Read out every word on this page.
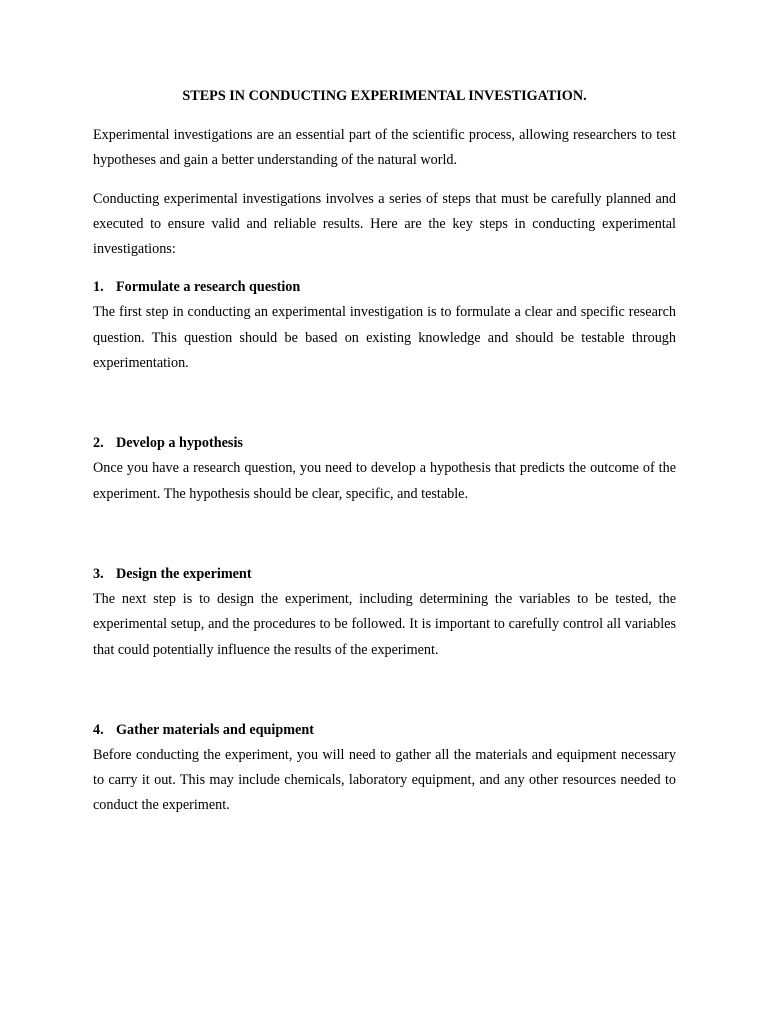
STEPS IN CONDUCTING EXPERIMENTAL INVESTIGATION.

Experimental investigations are an essential part of the scientific process, allowing researchers to test hypotheses and gain a better understanding of the natural world.

Conducting experimental investigations involves a series of steps that must be carefully planned and executed to ensure valid and reliable results. Here are the key steps in conducting experimental investigations:

1. Formulate a research question

The first step in conducting an experimental investigation is to formulate a clear and specific research question. This question should be based on existing knowledge and should be testable through experimentation.

2. Develop a hypothesis

Once you have a research question, you need to develop a hypothesis that predicts the outcome of the experiment. The hypothesis should be clear, specific, and testable.

3. Design the experiment

The next step is to design the experiment, including determining the variables to be tested, the experimental setup, and the procedures to be followed. It is important to carefully control all variables that could potentially influence the results of the experiment.

4. Gather materials and equipment

Before conducting the experiment, you will need to gather all the materials and equipment necessary to carry it out. This may include chemicals, laboratory equipment, and any other resources needed to conduct the experiment.
